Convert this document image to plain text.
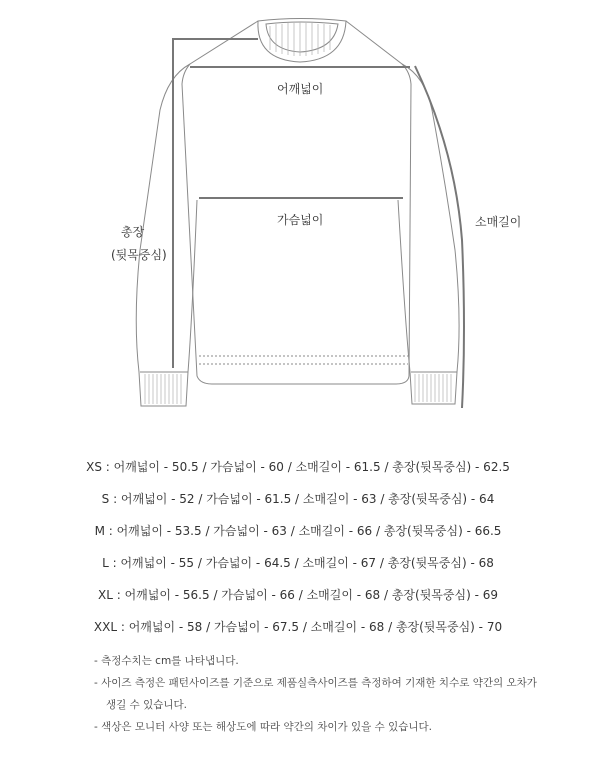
어깨넓이
가슴넓이	소매길이
총장
(뒷목중심)
XS : 어깨넓이 - 50.5 / 가슴넓이 - 60 / 소매길이 - 61.5 / 총장(뒷목중심) - 62.5
S : 어깨넓이 - 52 / 가슴넓이 - 61.5 / 소매길이 - 63 / 총장(뒷목중심) - 64
M : 어깨넓이 - 53.5 / 가슴넓이 - 63 / 소매길이 - 66 / 총장(뒷목중심) - 66.5
L : 어깨넓이 - 55 / 가슴넓이 - 64.5 / 소매길이 - 67 / 총장(뒷목중심) - 68
XL : 어깨넓이 - 56.5 / 가슴넓이 - 66 / 소매길이 - 68 / 총장(뒷목중심) - 69
XXL : 어깨넓이 - 58 / 가슴넓이 - 67.5 / 소매길이 - 68 / 총장(뒷목중심) - 70
- 측정수치는 cm를 나타냅니다.
- 사이즈 측정은 패턴사이즈를 기준으로 제품실측사이즈를 측정하여 기재한 치수로 약간의 오차가
생길 수 있습니다.
- 색상은 모니터 사양 또는 해상도에 따라 약간의 차이가 있을 수 있습니다.
